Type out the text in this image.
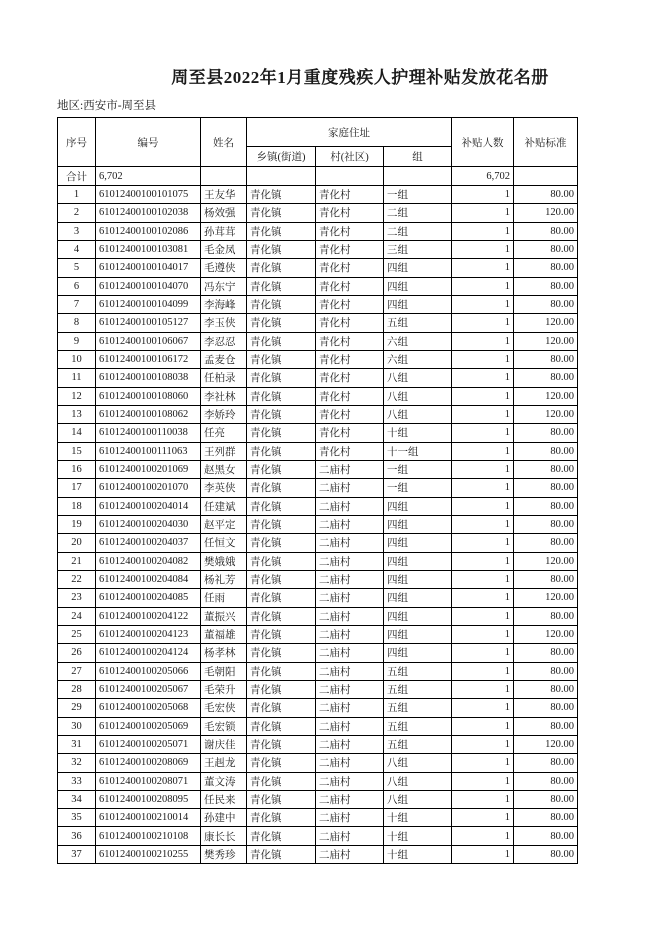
周至县2022年1月重度残疾人护理补贴发放花名册
地区:西安市-周至县
序号	编号	姓名	家庭住址			补贴人数	补贴标准
			乡镇(街道)	村(社区)	组		
合计	6,702					6,702	
1	61012400100101075	王友华	青化镇	青化村	一组	1	80.00
2	61012400100102038	杨效强	青化镇	青化村	二组	1	120.00
3	61012400100102086	孙茸茸	青化镇	青化村	二组	1	80.00
4	61012400100103081	毛金凤	青化镇	青化村	三组	1	80.00
5	61012400100104017	毛遵侠	青化镇	青化村	四组	1	80.00
6	61012400100104070	冯东宁	青化镇	青化村	四组	1	80.00
7	61012400100104099	李海峰	青化镇	青化村	四组	1	80.00
8	61012400100105127	李玉侠	青化镇	青化村	五组	1	120.00
9	61012400100106067	李忍忍	青化镇	青化村	六组	1	120.00
10	61012400100106172	孟麦仓	青化镇	青化村	六组	1	80.00
11	61012400100108038	任柏录	青化镇	青化村	八组	1	80.00
12	61012400100108060	李社林	青化镇	青化村	八组	1	120.00
13	61012400100108062	李娇玲	青化镇	青化村	八组	1	120.00
14	61012400100110038	任亮	青化镇	青化村	十组	1	80.00
15	61012400100111063	王列群	青化镇	青化村	十一组	1	80.00
16	61012400100201069	赵黑女	青化镇	二庙村	一组	1	80.00
17	61012400100201070	李英侠	青化镇	二庙村	一组	1	80.00
18	61012400100204014	任建斌	青化镇	二庙村	四组	1	80.00
19	61012400100204030	赵平定	青化镇	二庙村	四组	1	80.00
20	61012400100204037	任恒文	青化镇	二庙村	四组	1	80.00
21	61012400100204082	樊娥娥	青化镇	二庙村	四组	1	120.00
22	61012400100204084	杨礼芳	青化镇	二庙村	四组	1	80.00
23	61012400100204085	任雨	青化镇	二庙村	四组	1	120.00
24	61012400100204122	董振兴	青化镇	二庙村	四组	1	80.00
25	61012400100204123	董福雄	青化镇	二庙村	四组	1	120.00
26	61012400100204124	杨孝林	青化镇	二庙村	四组	1	80.00
27	61012400100205066	毛朝阳	青化镇	二庙村	五组	1	80.00
28	61012400100205067	毛荣升	青化镇	二庙村	五组	1	80.00
29	61012400100205068	毛宏侠	青化镇	二庙村	五组	1	80.00
30	61012400100205069	毛宏锁	青化镇	二庙村	五组	1	80.00
31	61012400100205071	谢庆佳	青化镇	二庙村	五组	1	120.00
32	61012400100208069	王赳龙	青化镇	二庙村	八组	1	80.00
33	61012400100208071	董文涛	青化镇	二庙村	八组	1	80.00
34	61012400100208095	任民来	青化镇	二庙村	八组	1	80.00
35	61012400100210014	孙建中	青化镇	二庙村	十组	1	80.00
36	61012400100210108	康长长	青化镇	二庙村	十组	1	80.00
37	61012400100210255	樊秀珍	青化镇	二庙村	十组	1	80.00
